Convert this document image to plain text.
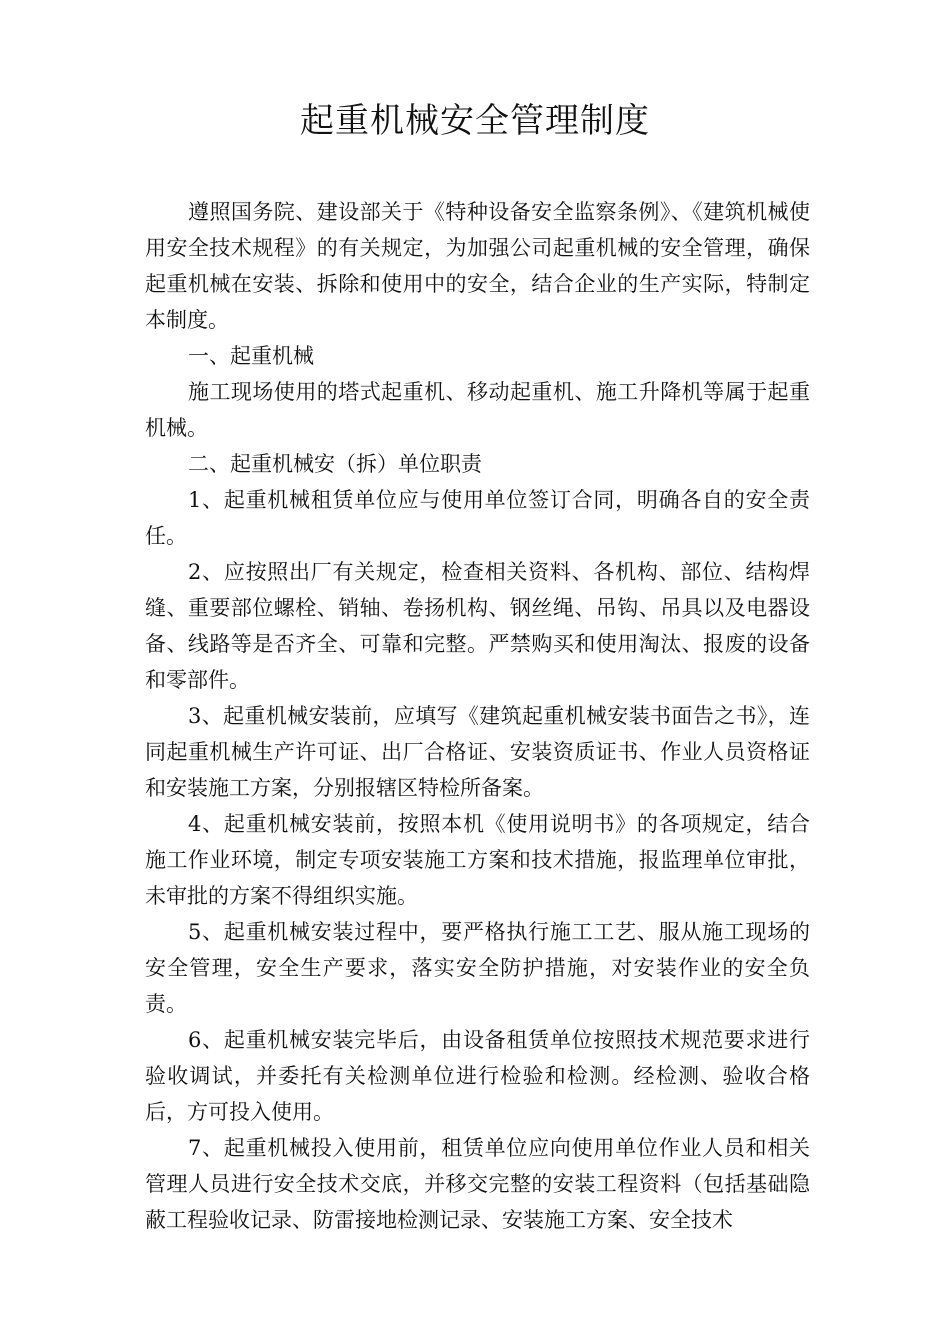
起重机械安全管理制度

遵照国务院、建设部关于《特种设备安全监察条例》、《建筑机械使用安全技术规程》的有关规定，为加强公司起重机械的安全管理，确保起重机械在安装、拆除和使用中的安全，结合企业的生产实际，特制定本制度。

一、起重机械

施工现场使用的塔式起重机、移动起重机、施工升降机等属于起重机械。

二、起重机械安（拆）单位职责

1、起重机械租赁单位应与使用单位签订合同，明确各自的安全责任。

2、应按照出厂有关规定，检查相关资料、各机构、部位、结构焊缝、重要部位螺栓、销轴、卷扬机构、钢丝绳、吊钩、吊具以及电器设备、线路等是否齐全、可靠和完整。严禁购买和使用淘汰、报废的设备和零部件。

3、起重机械安装前，应填写《建筑起重机械安装书面告之书》，连同起重机械生产许可证、出厂合格证、安装资质证书、作业人员资格证和安装施工方案，分别报辖区特检所备案。

4、起重机械安装前，按照本机《使用说明书》的各项规定，结合施工作业环境，制定专项安装施工方案和技术措施，报监理单位审批，未审批的方案不得组织实施。

5、起重机械安装过程中，要严格执行施工工艺、服从施工现场的安全管理，安全生产要求，落实安全防护措施，对安装作业的安全负责。

6、起重机械安装完毕后，由设备租赁单位按照技术规范要求进行验收调试，并委托有关检测单位进行检验和检测。经检测、验收合格后，方可投入使用。

7、起重机械投入使用前，租赁单位应向使用单位作业人员和相关管理人员进行安全技术交底，并移交完整的安装工程资料（包括基础隐蔽工程验收记录、防雷接地检测记录、安装施工方案、安全技术
